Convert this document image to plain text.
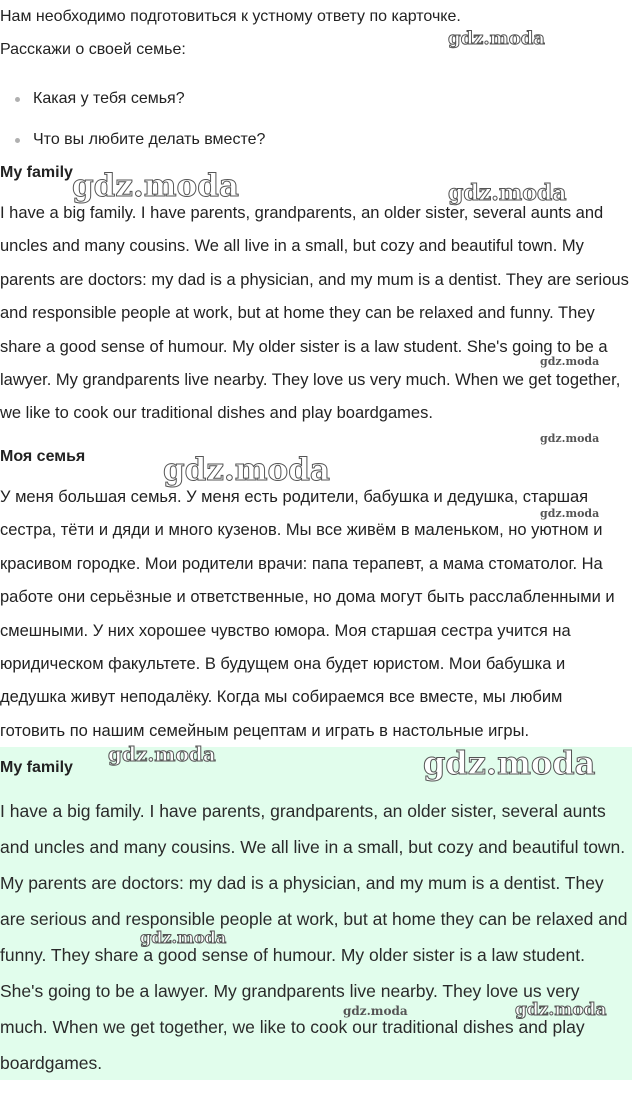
Нам необходимо подготовиться к устному ответу по карточке.

Расскажи о своей семье:

Какая у тебя семья?
Что вы любите делать вместе?
My family

I have a big family. I have parents, grandparents, an older sister, several aunts and uncles and many cousins. We all live in a small, but cozy and beautiful town. My parents are doctors: my dad is a physician, and my mum is a dentist. They are serious and responsible people at work, but at home they can be relaxed and funny. They share a good sense of humour. My older sister is a law student. She's going to be a lawyer. My grandparents live nearby. They love us very much. When we get together, we like to cook our traditional dishes and play boardgames.

Моя семья

У меня большая семья. У меня есть родители, бабушка и дедушка, старшая сестра, тёти и дяди и много кузенов. Мы все живём в маленьком, но уютном и красивом городке. Мои родители врачи: папа терапевт, а мама стоматолог. На работе они серьёзные и ответственные, но дома могут быть расслабленными и смешными. У них хорошее чувство юмора. Моя старшая сестра учится на юридическом факультете. В будущем она будет юристом. Мои бабушка и дедушка живут неподалёку. Когда мы собираемся все вместе, мы любим готовить по нашим семейным рецептам и играть в настольные игры.

My family

I have a big family. I have parents, grandparents, an older sister, several aunts and uncles and many cousins. We all live in a small, but cozy and beautiful town. My parents are doctors: my dad is a physician, and my mum is a dentist. They are serious and responsible people at work, but at home they can be relaxed and funny. They share a good sense of humour. My older sister is a law student. She's going to be a lawyer. My grandparents live nearby. They love us very much. When we get together, we like to cook our traditional dishes and play boardgames.

gdz.moda
gdz.moda	gdz.moda
gdz.moda
gdz.moda
gdz.moda
gdz.moda
gdz.moda	gdz.moda
gdz.moda
gdz.moda
gdz.moda
